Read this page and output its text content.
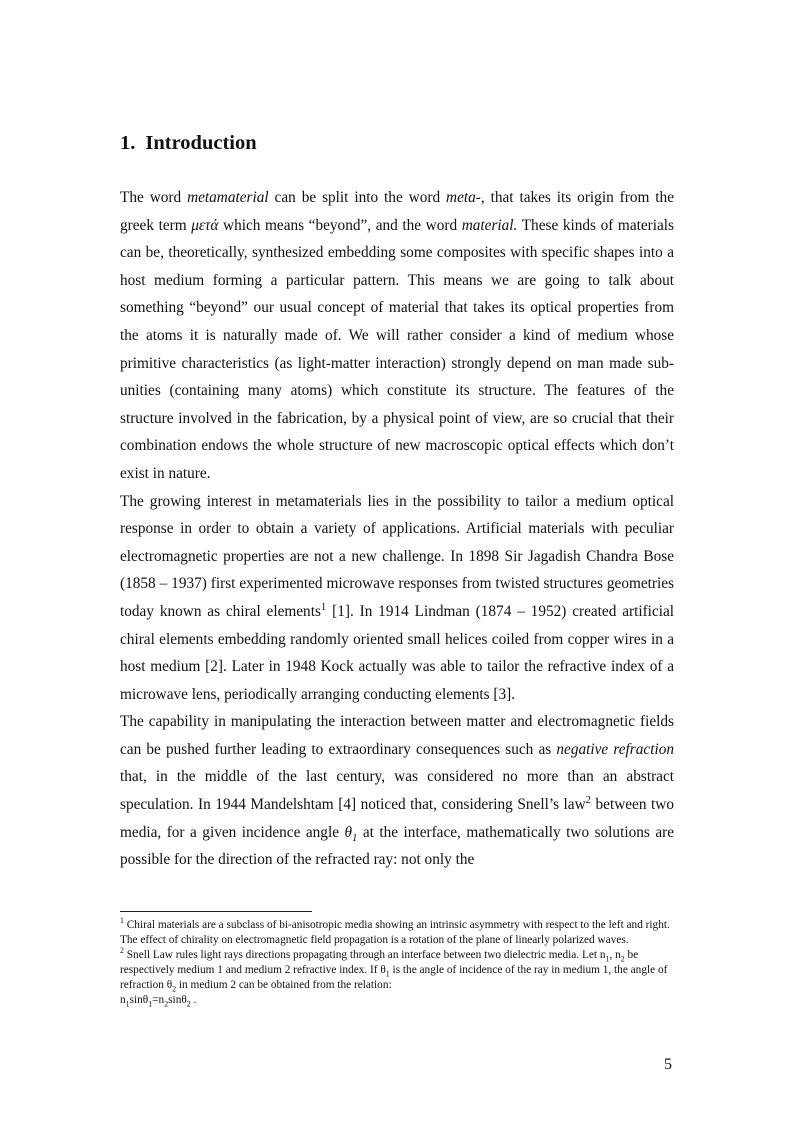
1. Introduction

The word metamaterial can be split into the word meta-, that takes its origin from the greek term μετά which means “beyond”, and the word material. These kinds of materials can be, theoretically, synthesized embedding some composites with specific shapes into a host medium forming a particular pattern. This means we are going to talk about something “beyond” our usual concept of material that takes its optical properties from the atoms it is naturally made of. We will rather consider a kind of medium whose primitive characteristics (as light-matter interaction) strongly depend on man made sub-unities (containing many atoms) which constitute its structure. The features of the structure involved in the fabrication, by a physical point of view, are so crucial that their combination endows the whole structure of new macroscopic optical effects which don’t exist in nature.

The growing interest in metamaterials lies in the possibility to tailor a medium optical response in order to obtain a variety of applications. Artificial materials with peculiar electromagnetic properties are not a new challenge. In 1898 Sir Jagadish Chandra Bose (1858 – 1937) first experimented microwave responses from twisted structures geometries today known as chiral elements$^1$ [1]. In 1914 Lindman (1874 – 1952) created artificial chiral elements embedding randomly oriented small helices coiled from copper wires in a host medium [2]. Later in 1948 Kock actually was able to tailor the refractive index of a microwave lens, periodically arranging conducting elements [3].

The capability in manipulating the interaction between matter and electromagnetic fields can be pushed further leading to extraordinary consequences such as negative refraction that, in the middle of the last century, was considered no more than an abstract speculation. In 1944 Mandelshtam [4] noticed that, considering Snell’s law$^2$ between two media, for a given incidence angle $\theta_1$ at the interface, mathematically two solutions are possible for the direction of the refracted ray: not only the

$^1$ Chiral materials are a subclass of bi-anisotropic media showing an intrinsic asymmetry with respect to the left and right. The effect of chirality on electromagnetic field propagation is a rotation of the plane of linearly polarized waves.

$^2$ Snell Law rules light rays directions propagating through an interface between two dielectric media. Let $n_1$, $n_2$ be respectively medium 1 and medium 2 refractive index. If $\theta_1$ is the angle of incidence of the ray in medium 1, the angle of refraction $\theta_2$ in medium 2 can be obtained from the relation:
$n_1\sin\theta_1=n_2\sin\theta_2$ .

5
